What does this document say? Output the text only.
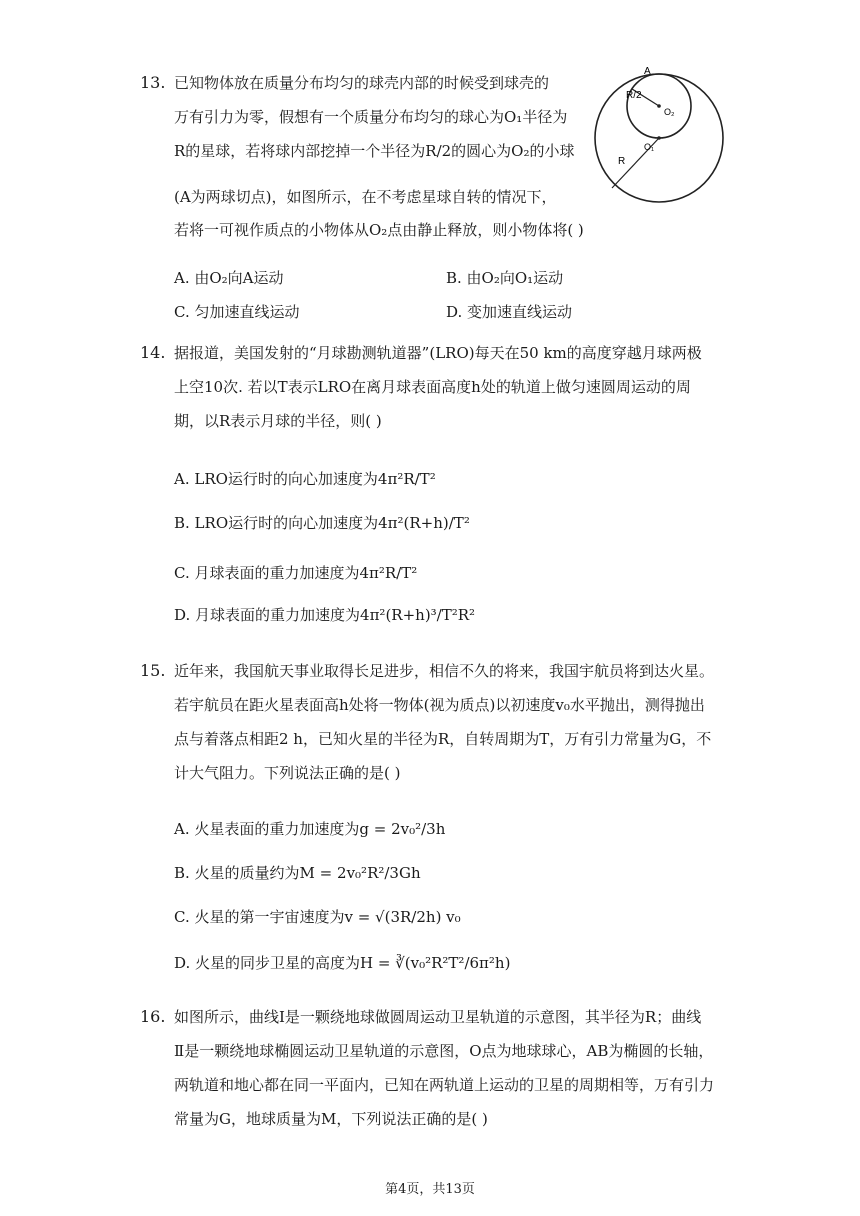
13. 已知物体放在质量分布均匀的球壳内部的时候受到球壳的
万有引力为零，假想有一个质量分布均匀的球心为O₁半径为
R的星球，若将球内部挖掉一个半径为R/2的圆心为O₂的小球
(A为两球切点)，如图所示，在不考虑星球自转的情况下，
若将一可视作质点的小物体从O₂点由静止释放，则小物体将( )
A. 由O₂向A运动	B. 由O₂向O₁运动
C. 匀加速直线运动	D. 变加速直线运动
A
R/2
O₂
O₁
R
14. 据报道，美国发射的“月球勘测轨道器”(LRO)每天在50 km的高度穿越月球两极
上空10次. 若以T表示LRO在离月球表面高度h处的轨道上做匀速圆周运动的周
期，以R表示月球的半径，则( )
A. LRO运行时的向心加速度为4π²R/T²
B. LRO运行时的向心加速度为4π²(R+h)/T²
C. 月球表面的重力加速度为4π²R/T²
D. 月球表面的重力加速度为4π²(R+h)³/T²R²
15. 近年来，我国航天事业取得长足进步，相信不久的将来，我国宇航员将到达火星。
若宇航员在距火星表面高h处将一物体(视为质点)以初速度v₀水平抛出，测得抛出
点与着落点相距2 h，已知火星的半径为R，自转周期为T，万有引力常量为G，不
计大气阻力。下列说法正确的是( )
A. 火星表面的重力加速度为g = 2v₀²/3h
B. 火星的质量约为M = 2v₀²R²/3Gh
C. 火星的第一宇宙速度为v = √(3R/2h) v₀
D. 火星的同步卫星的高度为H = ∛(v₀²R²T²/6π²h)
16. 如图所示，曲线Ⅰ是一颗绕地球做圆周运动卫星轨道的示意图，其半径为R；曲线
Ⅱ是一颗绕地球椭圆运动卫星轨道的示意图，O点为地球球心，AB为椭圆的长轴，
两轨道和地心都在同一平面内，已知在两轨道上运动的卫星的周期相等，万有引力
常量为G，地球质量为M，下列说法正确的是( )
第4页，共13页
